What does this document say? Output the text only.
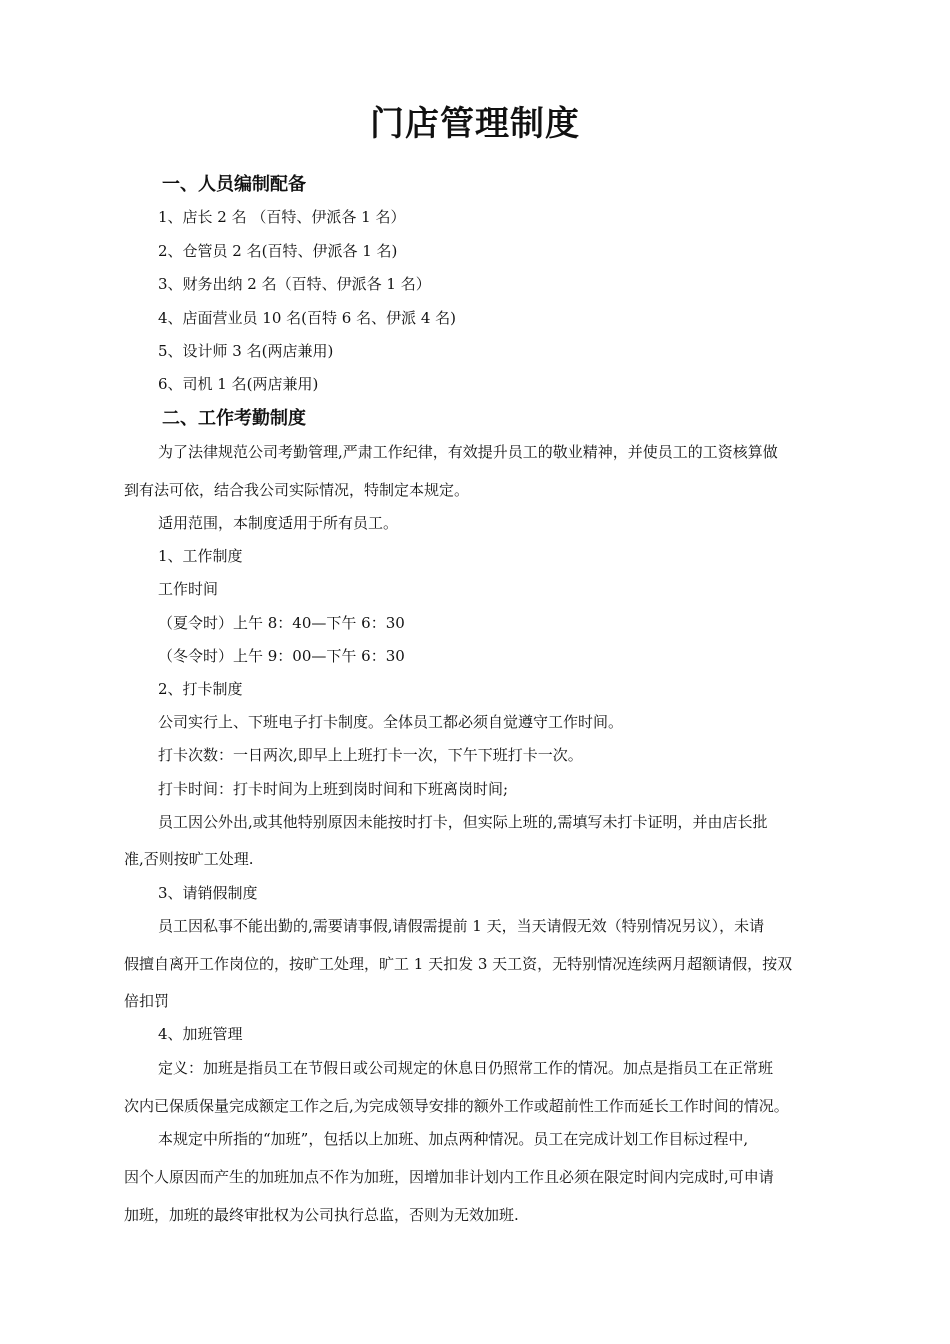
门店管理制度
一、人员编制配备
1、店长 2 名 （百特、伊派各 1 名）
2、仓管员 2 名(百特、伊派各 1 名)
3、财务出纳 2 名（百特、伊派各 1 名）
4、店面营业员 10 名(百特 6 名、伊派 4 名)
5、设计师 3 名(两店兼用)
6、司机 1 名(两店兼用)
二、工作考勤制度
为了法律规范公司考勤管理,严肃工作纪律，有效提升员工的敬业精神，并使员工的工资核算做
到有法可依，结合我公司实际情况，特制定本规定。
适用范围，本制度适用于所有员工。
1、工作制度
工作时间
（夏令时）上午 8：40—下午 6：30
（冬令时）上午 9：00—下午 6：30
2、打卡制度
公司实行上、下班电子打卡制度。全体员工都必须自觉遵守工作时间。
打卡次数：一日两次,即早上上班打卡一次，下午下班打卡一次。
打卡时间：打卡时间为上班到岗时间和下班离岗时间;
员工因公外出,或其他特别原因未能按时打卡，但实际上班的,需填写未打卡证明，并由店长批
准,否则按旷工处理.
3、请销假制度
员工因私事不能出勤的,需要请事假,请假需提前 1 天，当天请假无效（特别情况另议），未请
假擅自离开工作岗位的，按旷工处理，旷工 1 天扣发 3 天工资，无特别情况连续两月超额请假，按双
倍扣罚
4、加班管理
定义：加班是指员工在节假日或公司规定的休息日仍照常工作的情况。加点是指员工在正常班
次内已保质保量完成额定工作之后,为完成领导安排的额外工作或超前性工作而延长工作时间的情况。
本规定中所指的“加班”，包括以上加班、加点两种情况。员工在完成计划工作目标过程中,
因个人原因而产生的加班加点不作为加班，因增加非计划内工作且必须在限定时间内完成时,可申请
加班，加班的最终审批权为公司执行总监，否则为无效加班.
